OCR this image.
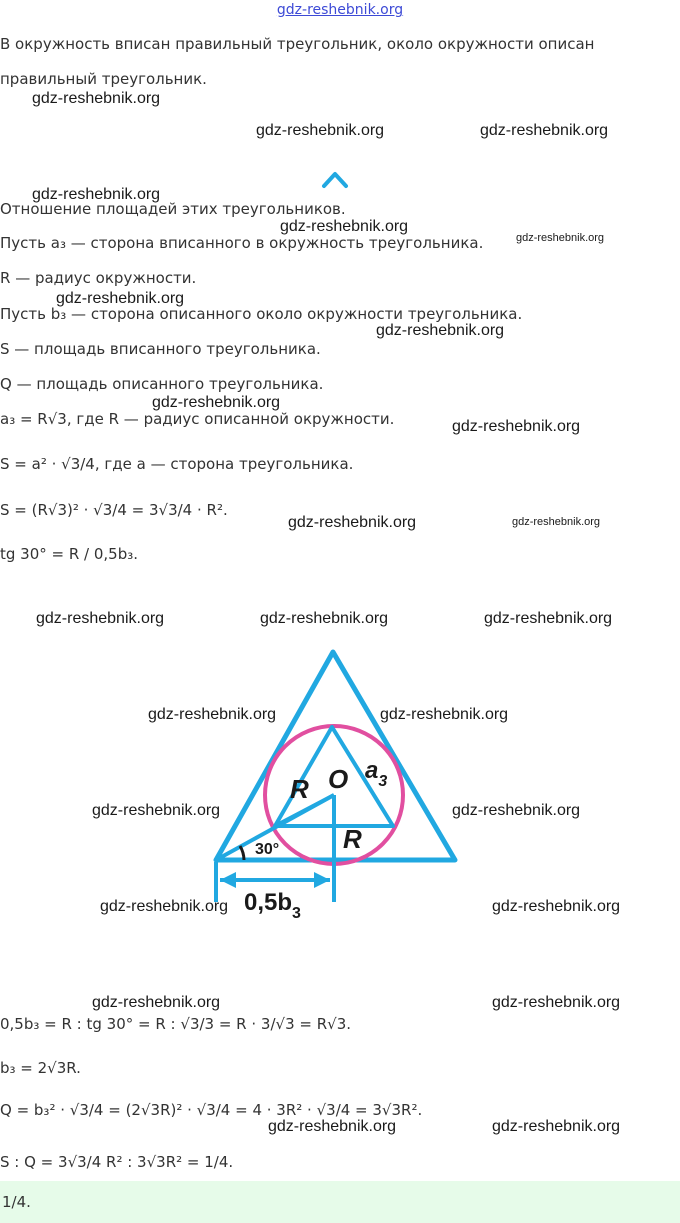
gdz-reshebnik.org
В окружность вписан правильный треугольник, около окружности описан
правильный треугольник.
Отношение площадей этих треугольников.
Пусть a₃ — сторона вписанного в окружность треугольника.
R — радиус окружности.
Пусть b₃ — сторона описанного около окружности треугольника.
S — площадь вписанного треугольника.
Q — площадь описанного треугольника.
a₃ = R√3, где R — радиус описанной окружности.
S = a² · √3/4, где a — сторона треугольника.
S = (R√3)² · √3/4 = 3√3/4 · R².
tg 30° = R / 0,5b₃.
O
R
R
$a_3$
30°
$0,5b_3$
0,5b₃ = R : tg 30° = R : √3/3 = R · 3/√3 = R√3.
b₃ = 2√3R.
Q = b₃² · √3/4 = (2√3R)² · √3/4 = 4 · 3R² · √3/4 = 3√3R².
S : Q = 3√3/4 R² : 3√3R² = 1/4.
1/4.
gdz-reshebnik.org
gdz-reshebnik.org	gdz-reshebnik.org
gdz-reshebnik.org
gdz-reshebnik.org
gdz-reshebnik.org
gdz-reshebnik.org
gdz-reshebnik.org
gdz-reshebnik.org
gdz-reshebnik.org
gdz-reshebnik.org	gdz-reshebnik.org
gdz-reshebnik.org	gdz-reshebnik.org	gdz-reshebnik.org
gdz-reshebnik.org	gdz-reshebnik.org
gdz-reshebnik.org	gdz-reshebnik.org
gdz-reshebnik.org	gdz-reshebnik.org
gdz-reshebnik.org	gdz-reshebnik.org
gdz-reshebnik.org	gdz-reshebnik.org
